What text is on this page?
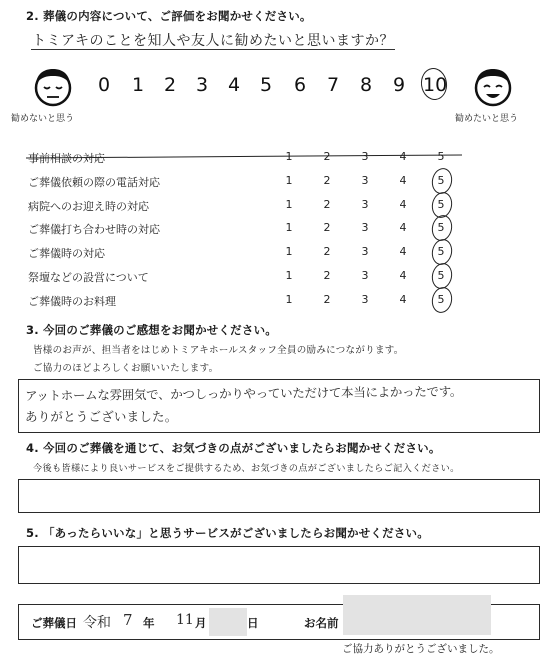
2. 葬儀の内容について、ご評価をお聞かせください。
トミアキのことを知人や友人に勧めたいと思いますか？
勧めないと思う	勧めたいと思う
0 1 2 3 4 5 6 7 8 9 10
事前相談の対応	1	2	3	4	5
ご葬儀依頼の際の電話対応	1	2	3	4	5
病院へのお迎え時の対応	1	2	3	4	5
ご葬儀打ち合わせ時の対応	1	2	3	4	5
ご葬儀時の対応	1	2	3	4	5
祭壇などの設営について	1	2	3	4	5
ご葬儀時のお料理	1	2	3	4	5
3. 今回のご葬儀のご感想をお聞かせください。
皆様のお声が、担当者をはじめトミアキホールスタッフ全員の励みにつながります。
ご協力のほどよろしくお願いいたします。
アットホームな雰囲気で、かつしっかりやっていただけて本当によかったです。
ありがとうございました。
4. 今回のご葬儀を通じて、お気づきの点がございましたらお聞かせください。
今後も皆様により良いサービスをご提供するため、お気づきの点がございましたらご記入ください。
5. 「あったらいいな」と思うサービスがございましたらお聞かせください。
ご葬儀日 令和 7 年 11 月	日	お名前
ご協力ありがとうございました。
